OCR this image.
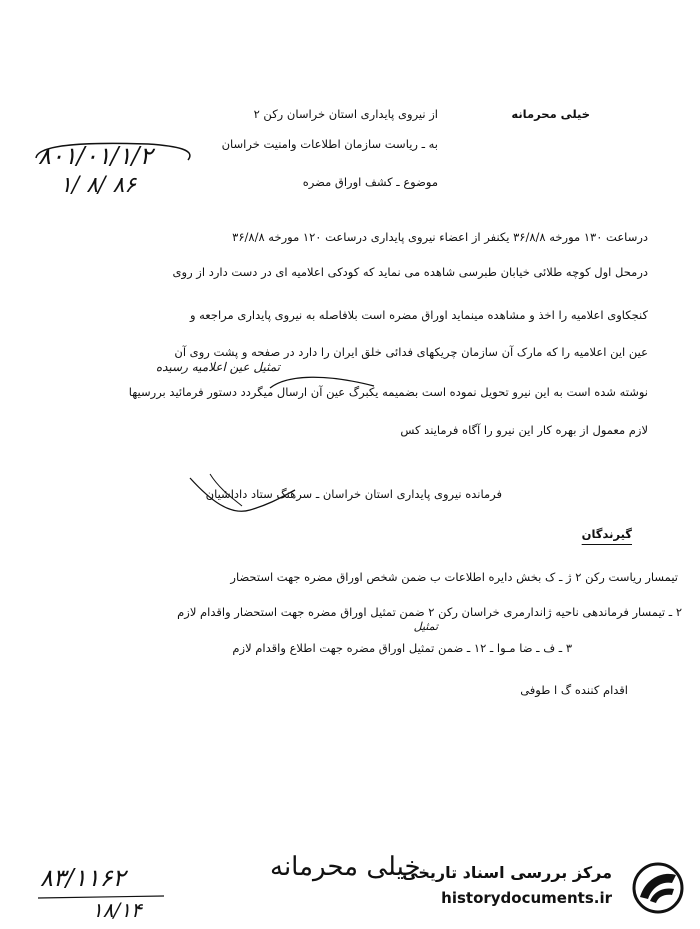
از نیروی پایداری استان خراسان رکن ۲	خیلی محرمانه
به ـ ریاست سازمان اطلاعات وامنیت خراسان
۸۰۱/۰۱/۱/۲
۱/ ۸/ ۸۶	موضوع ـ کشف اوراق مضره
درساعت ۱۳۰ مورخه ۳۶/۸/۸ یکنفر از اعضاء نیروی پایداری درساعت ۱۲۰ مورخه ۳۶/۸/۸
درمحل اول کوچه طلائی خیابان طبرسی شاهده می نماید که کودکی اعلامیه ای در دست دارد از روی
کنجکاوی اعلامیه را اخذ و مشاهده مینماید اوراق مضره است بلافاصله به نیروی پایداری مراجعه و
عین این اعلامیه را که مارک آن سازمان چریکهای فدائی خلق ایران را دارد در صفحه و پشت روی آن
تمثیل عین اعلامیه رسیده
نوشته شده است به این نیرو تحویل نموده است بضمیمه یکبرگ عین آن ارسال میگردد دستور فرمائید بررسیها
لازم معمول از بهره کار این نیرو را آگاه فرمایند کس
فرمانده نیروی پایداری استان خراسان ـ سرهنگ ستاد داداشیان
گیرندگان
تیمسار ریاست رکن ۲ ژ ـ ک بخش دایره اطلاعات ب ضمن شخص اوراق مضره جهت استحضار
۲ ـ تیمسار فرماندهی ناحیه ژاندارمری خراسان رکن ۲ ضمن تمثیل اوراق مضره جهت استحضار واقدام لازم
تمثیل
۳ ـ ف ـ ضا مـوا ـ ۱۲ ـ ضمن تمثیل اوراق مضره جهت اطلاع واقدام لازم
اقدام کننده گ ا طوفی
خیلی محرمانه
۸۳/۱۱۶۲
۱۸/۱۴
مرکز بررسی اسناد تاریخی
historydocuments.ir
